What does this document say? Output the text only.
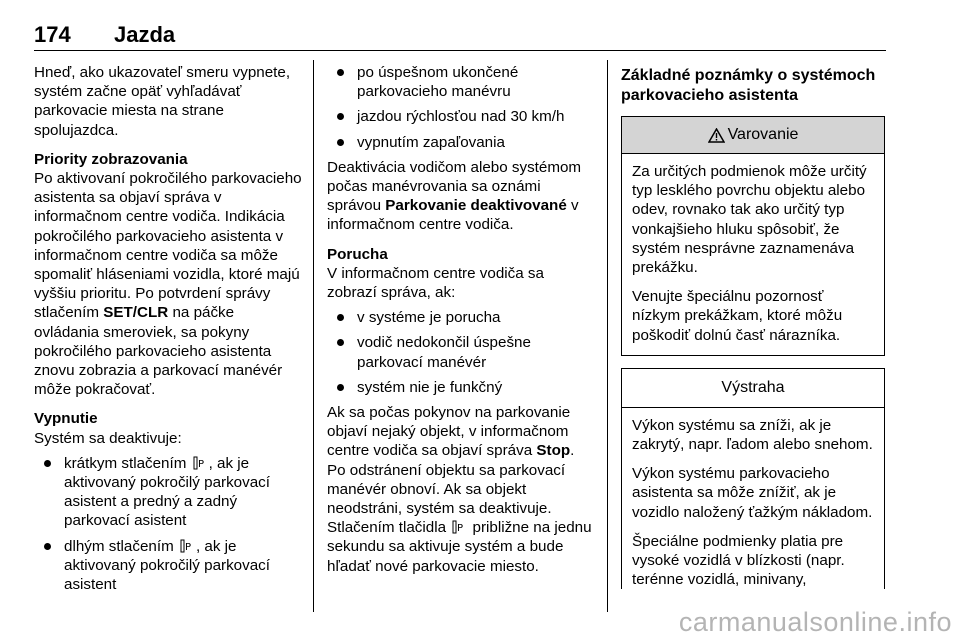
174 Jazda

Hneď, ako ukazovateľ smeru vypnete, systém začne opäť vyhľadávať parkovacie miesta na strane spolujazdca.

Priority zobrazovania

Po aktivovaní pokročilého parkovacieho asistenta sa objaví správa v informačnom centre vodiča. Indikácia pokročilého parkovacieho asistenta v informačnom centre vodiča sa môže spomaliť hláseniami vozidla, ktoré majú vyššiu prioritu. Po potvrdení správy stlačením SET/CLR na páčke ovládania smeroviek, sa pokyny pokročilého parkovacieho asistenta znovu zobrazia a parkovací manévér môže pokračovať.

Vypnutie
Systém sa deaktivuje:
krátkym stlačením P , ak je aktivovaný pokročilý parkovací asistent a predný a zadný parkovací asistent
dlhým stlačením P , ak je aktivovaný pokročilý parkovací asistent
po úspešnom ukončené parkovacieho manévru
jazdou rýchlosťou nad 30 km/h
vypnutím zapaľovania

Deaktivácia vodičom alebo systémom počas manévrovania sa oznámi správou Parkovanie deaktivované v informačnom centre vodiča.

Porucha
V informačnom centre vodiča sa zobrazí správa, ak:
v systéme je porucha
vodič nedokončil úspešne parkovací manévér
systém nie je funkčný

Ak sa počas pokynov na parkovanie objaví nejaký objekt, v informačnom centre vodiča sa objaví správa Stop. Po odstránení objektu sa parkovací manévér obnoví. Ak sa objekt neodstráni, systém sa deaktivuje. Stlačením tlačidla P približne na jednu sekundu sa aktivuje systém a bude hľadať nové parkovacie miesto.

Základné poznámky o systémoch parkovacieho asistenta
Varovanie

Za určitých podmienok môže určitý typ lesklého povrchu objektu alebo odev, rovnako tak ako určitý typ vonkajšieho hluku spôsobiť, že systém nesprávne zaznamenáva prekážku.

Venujte špeciálnu pozornosť nízkym prekážkam, ktoré môžu poškodiť dolnú časť nárazníka.

Výstraha

Výkon systému sa zníži, ak je zakrytý, napr. ľadom alebo snehom.

Výkon systému parkovacieho asistenta sa môže znížiť, ak je vozidlo naložený ťažkým nákladom.

Špeciálne podmienky platia pre vysoké vozidlá v blízkosti (napr. terénne vozidlá, minivany,

carmanualsonline.info
